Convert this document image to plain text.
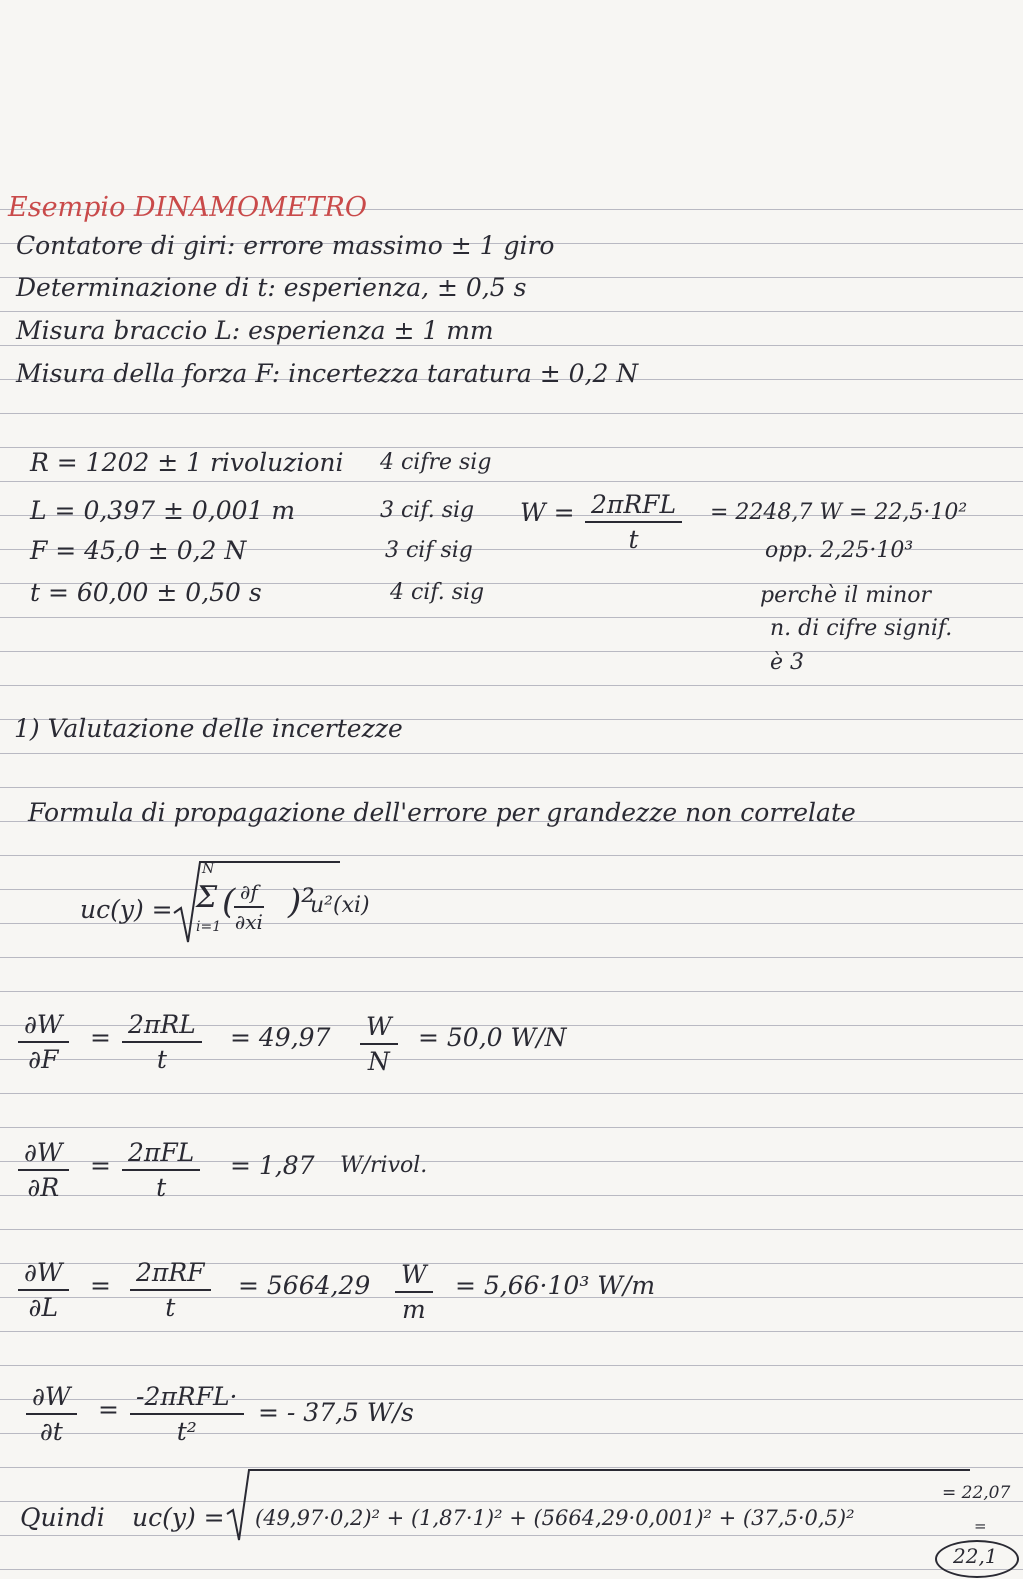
Esempio DINAMOMETRO
Contatore di giri: errore massimo ± 1 giro
Determinazione di t: esperienza, ± 0,5 s
Misura braccio L: esperienza ± 1 mm
Misura della forza F: incertezza taratura ± 0,2 N
R = 1202 ± 1 rivoluzioni 4 cifre sig
L = 0,397 ± 0,001 m	3 cif. sig
F = 45,0 ± 0,2 N	3 cif sig
t = 60,00 ± 0,50 s	4 cif. sig
W = 2πRFL
t
= 2248,7 W = 22,5·10²
opp. 2,25·10³
perchè il minor
n. di cifre signif.
è 3
1) Valutazione delle incertezze
Formula di propagazione dell'errore per grandezze non correlate
uc(y) =
N
Σ
i=1
(
$\frac{\partial f}{\partial xi} )^2$
u²(xi)
$\frac{\partial W}{\partial F} = 2\pi RL$
t
= $49,97 \frac{W}{N} = 50,0$ W/N
$\frac{\partial W}{\partial R} = 2\pi FL$
t
= 1,87 W/rivol.
$\frac{\partial W}{\partial L} = 2\pi RF$
t
= $5664,29 \frac{W}{m} = 5,66\cdot 10^3$ W/m
$\frac{\partial W}{\partial t} = -2\pi RFL\cdot$
t²
= - 37,5 W/s
Quindi uc(y) = (49,97·0,2)² + (1,87·1)² + (5664,29·0,001)² + (37,5·0,5)²
= 22,07
=
22,1
